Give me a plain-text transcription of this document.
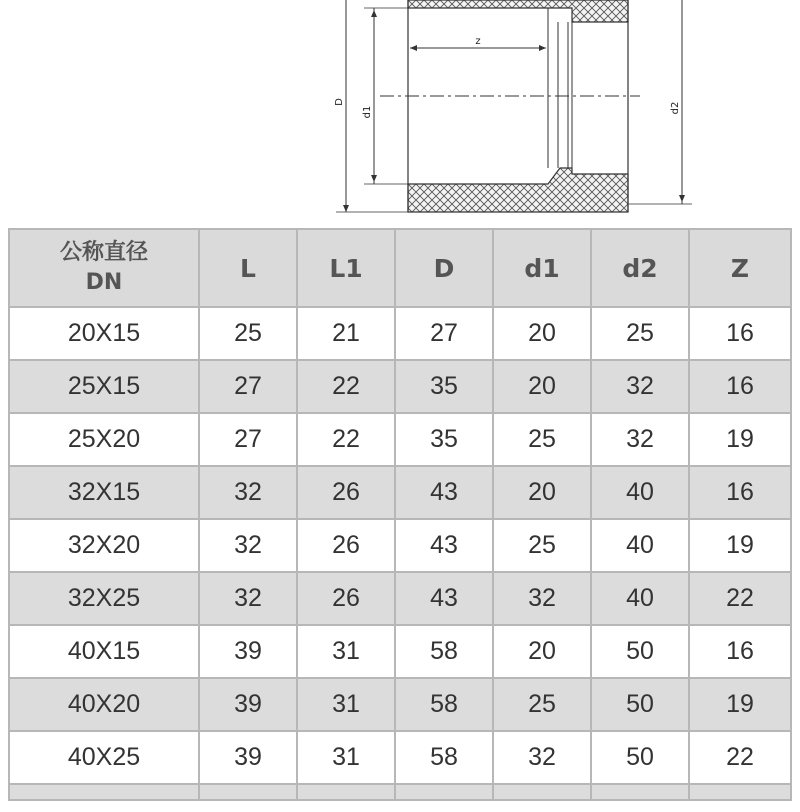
z
D
d1	d2
公称直径
DN	L	L1	D	d1	d2	Z
20X15	25	21	27	20	25	16
25X15	27	22	35	20	32	16
25X20	27	22	35	25	32	19
32X15	32	26	43	20	40	16
32X20	32	26	43	25	40	19
32X25	32	26	43	32	40	22
40X15	39	31	58	20	50	16
40X20	39	31	58	25	50	19
40X25	39	31	58	32	50	22
